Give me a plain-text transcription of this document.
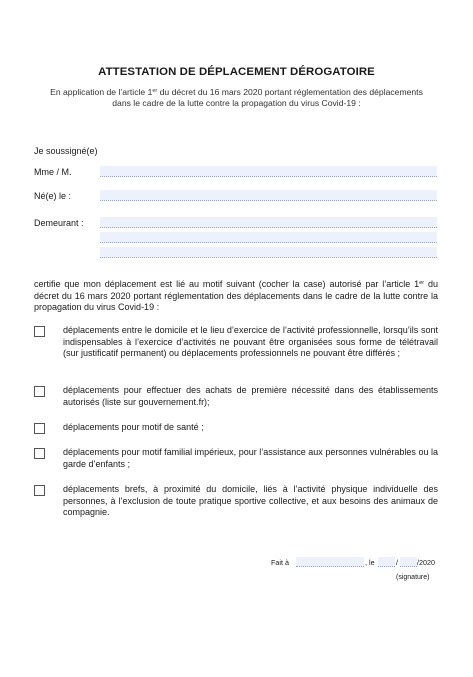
ATTESTATION DE DÉPLACEMENT DÉROGATOIRE
En application de l’article 1er du décret du 16 mars 2020 portant réglementation des déplacements dans le cadre de la lutte contre la propagation du virus Covid-19 :
Je soussigné(e)
Mme / M.
Né(e) le :
Demeurant :
certifie que mon déplacement est lié au motif suivant (cocher la case) autorisé par l’article 1er du décret du 16 mars 2020 portant réglementation des déplacements dans le cadre de la lutte contre la propagation du virus Covid-19 :
déplacements entre le domicile et le lieu d’exercice de l’activité professionnelle, lorsqu’ils sont indispensables à l’exercice d’activités ne pouvant être organisées sous forme de télétravail (sur justificatif permanent) ou déplacements professionnels ne pouvant être différés ;
déplacements pour effectuer des achats de première nécessité dans des établissements autorisés (liste sur gouvernement.fr);
déplacements pour motif de santé ;
déplacements pour motif familial impérieux, pour l’assistance aux personnes vulnérables ou la garde d’enfants ;
déplacements brefs, à proximité du domicile, liés à l’activité physique individuelle des personnes, à l’exclusion de toute pratique sportive collective, et aux besoins des animaux de compagnie.
Fait à	, le	/	/2020
(signature)
